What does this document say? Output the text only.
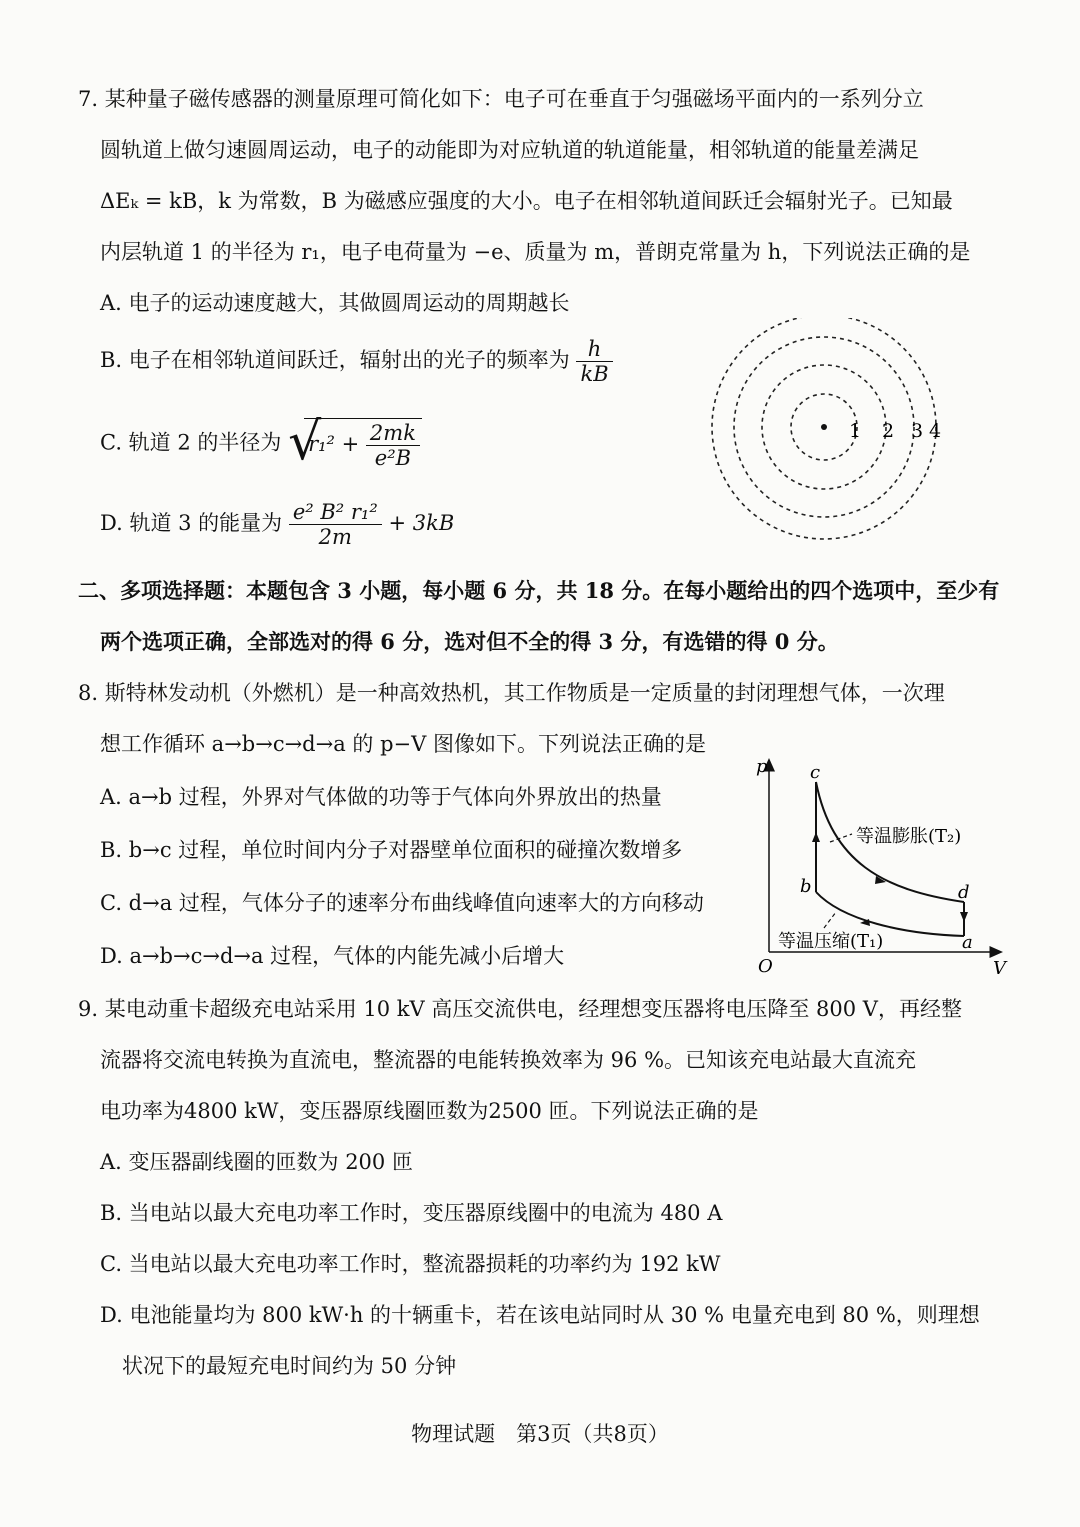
7. 某种量子磁传感器的测量原理可简化如下：电子可在垂直于匀强磁场平面内的一系列分立
圆轨道上做匀速圆周运动，电子的动能即为对应轨道的轨道能量，相邻轨道的能量差满足
ΔEₖ = kB，k 为常数，B 为磁感应强度的大小。电子在相邻轨道间跃迁会辐射光子。已知最
内层轨道 1 的半径为 r₁，电子电荷量为 −e、质量为 m，普朗克常量为 h，下列说法正确的是
A. 电子的运动速度越大，其做圆周运动的周期越长
B. 电子在相邻轨道间跃迁，辐射出的光子的频率为 $\frac{h}{kB}$
C. 轨道 2 的半径为 √
$r_1^2 + \frac{2mk}{\text{e²B}}$
D. 轨道 3 的能量为 $\frac{\text{e² B² r₁²}}{2m} + 3kB$
1 2 3 4
二、多项选择题：本题包含 3 小题，每小题 6 分，共 18 分。在每小题给出的四个选项中，至少有
两个选项正确，全部选对的得 6 分，选对但不全的得 3 分，有选错的得 0 分。
8. 斯特林发动机（外燃机）是一种高效热机，其工作物质是一定质量的封闭理想气体，一次理
想工作循环 a→b→c→d→a 的 p−V 图像如下。下列说法正确的是
A. a→b 过程，外界对气体做的功等于气体向外界放出的热量
B. b→c 过程，单位时间内分子对器壁单位面积的碰撞次数增多
C. d→a 过程，气体分子的速率分布曲线峰值向速率大的方向移动
D. a→b→c→d→a 过程，气体的内能先减小后增大
p
V
O
等温膨胀(T₂)
等温压缩(T₁)
c
b	d
a
9. 某电动重卡超级充电站采用 10 kV 高压交流供电，经理想变压器将电压降至 800 V，再经整
流器将交流电转换为直流电，整流器的电能转换效率为 96 %。已知该充电站最大直流充
电功率为4800 kW，变压器原线圈匝数为2500 匝。下列说法正确的是
A. 变压器副线圈的匝数为 200 匝
B. 当电站以最大充电功率工作时，变压器原线圈中的电流为 480 A
C. 当电站以最大充电功率工作时，整流器损耗的功率约为 192 kW
D. 电池能量均为 800 kW·h 的十辆重卡，若在该电站同时从 30 % 电量充电到 80 %，则理想
状况下的最短充电时间约为 50 分钟
物理试题　第3页（共8页）
